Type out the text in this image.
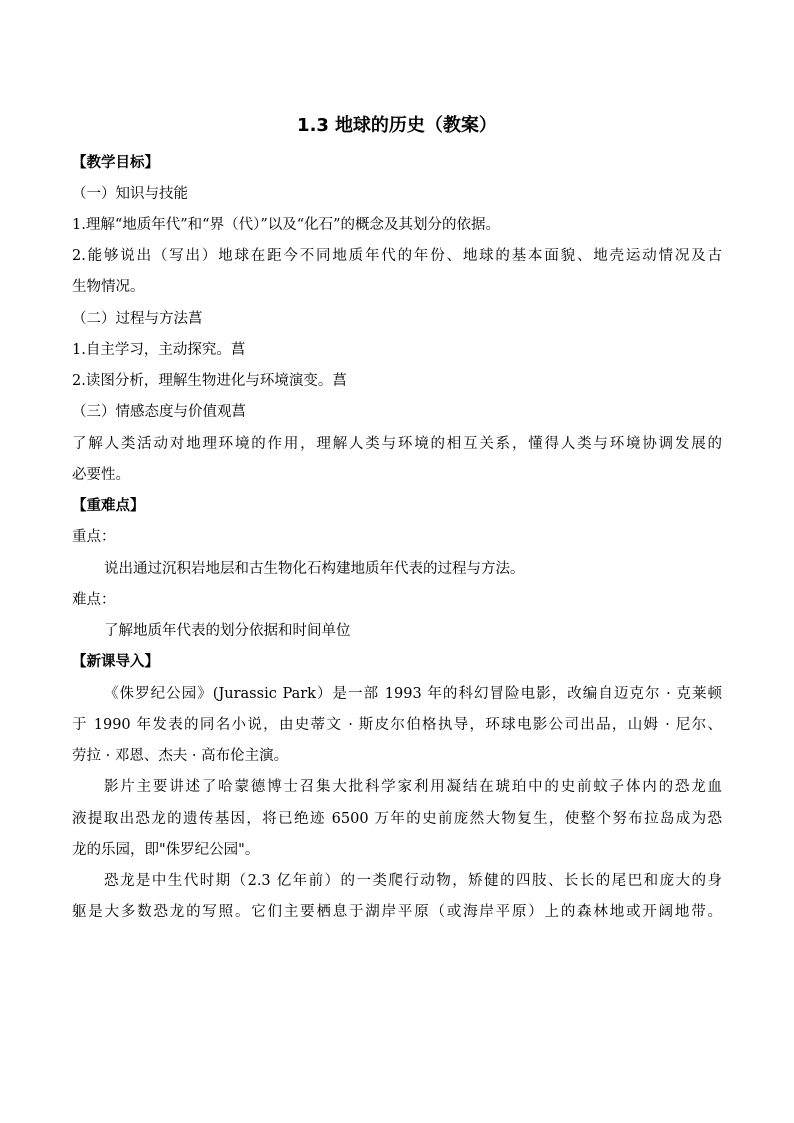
1.3 地球的历史（教案）
【教学目标】
（一）知识与技能
1.理解“地质年代”和“界（代）”以及“化石”的概念及其划分的依据。
2.能够说出（写出）地球在距今不同地质年代的年份、地球的基本面貌、地壳运动情况及古
生物情况。
（二）过程与方法菖
1.自主学习，主动探究。菖
2.读图分析，理解生物进化与环境演变。菖
（三）情感态度与价值观菖
了解人类活动对地理环境的作用，理解人类与环境的相互关系，懂得人类与环境协调发展的
必要性。
【重难点】
重点：
说出通过沉积岩地层和古生物化石构建地质年代表的过程与方法。
难点：
了解地质年代表的划分依据和时间单位
【新课导入】
《侏罗纪公园》(Jurassic Park）是一部 1993 年的科幻冒险电影，改编自迈克尔 · 克莱顿
于 1990 年发表的同名小说，由史蒂文 · 斯皮尔伯格执导，环球电影公司出品，山姆 · 尼尔、
劳拉 · 邓恩、杰夫 · 高布伦主演。
影片主要讲述了哈蒙德博士召集大批科学家利用凝结在琥珀中的史前蚊子体内的恐龙血
液提取出恐龙的遗传基因，将已绝迹 6500 万年的史前庞然大物复生，使整个努布拉岛成为恐
龙的乐园，即"侏罗纪公园"。
恐龙是中生代时期（2.3 亿年前）的一类爬行动物，矫健的四肢、长长的尾巴和庞大的身
躯是大多数恐龙的写照。它们主要栖息于湖岸平原（或海岸平原）上的森林地或开阔地带。
